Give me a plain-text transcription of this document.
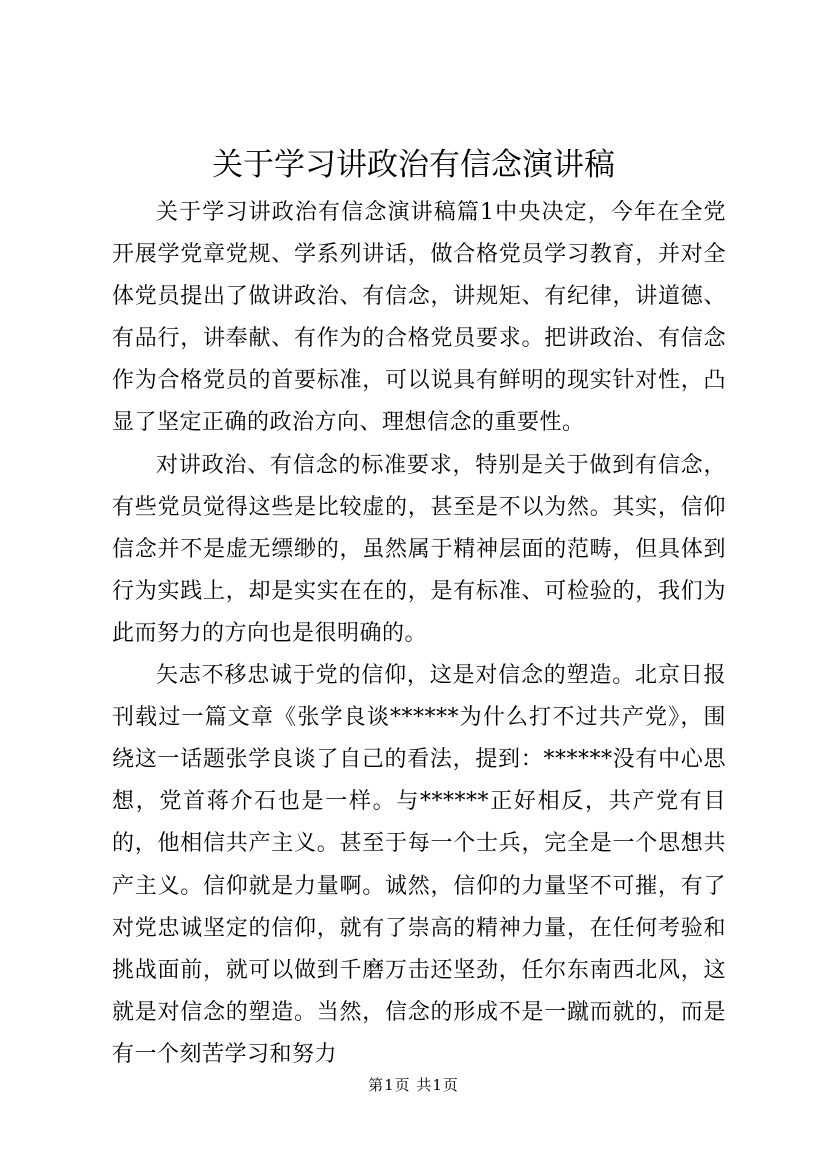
关于学习讲政治有信念演讲稿

关于学习讲政治有信念演讲稿篇1中央决定，今年在全党开展学党章党规、学系列讲话，做合格党员学习教育，并对全体党员提出了做讲政治、有信念，讲规矩、有纪律，讲道德、有品行，讲奉献、有作为的合格党员要求。把讲政治、有信念作为合格党员的首要标准，可以说具有鲜明的现实针对性，凸显了坚定正确的政治方向、理想信念的重要性。

对讲政治、有信念的标准要求，特别是关于做到有信念，有些党员觉得这些是比较虚的，甚至是不以为然。其实，信仰信念并不是虚无缥缈的，虽然属于精神层面的范畴，但具体到行为实践上，却是实实在在的，是有标准、可检验的，我们为此而努力的方向也是很明确的。

矢志不移忠诚于党的信仰，这是对信念的塑造。北京日报刊载过一篇文章《张学良谈******为什么打不过共产党》，围绕这一话题张学良谈了自己的看法，提到：******没有中心思想，党首蒋介石也是一样。与******正好相反，共产党有目的，他相信共产主义。甚至于每一个士兵，完全是一个思想共产主义。信仰就是力量啊。诚然，信仰的力量坚不可摧，有了对党忠诚坚定的信仰，就有了崇高的精神力量，在任何考验和挑战面前，就可以做到千磨万击还坚劲，任尔东南西北风，这就是对信念的塑造。当然，信念的形成不是一蹴而就的，而是有一个刻苦学习和努力

第1页 共1页
